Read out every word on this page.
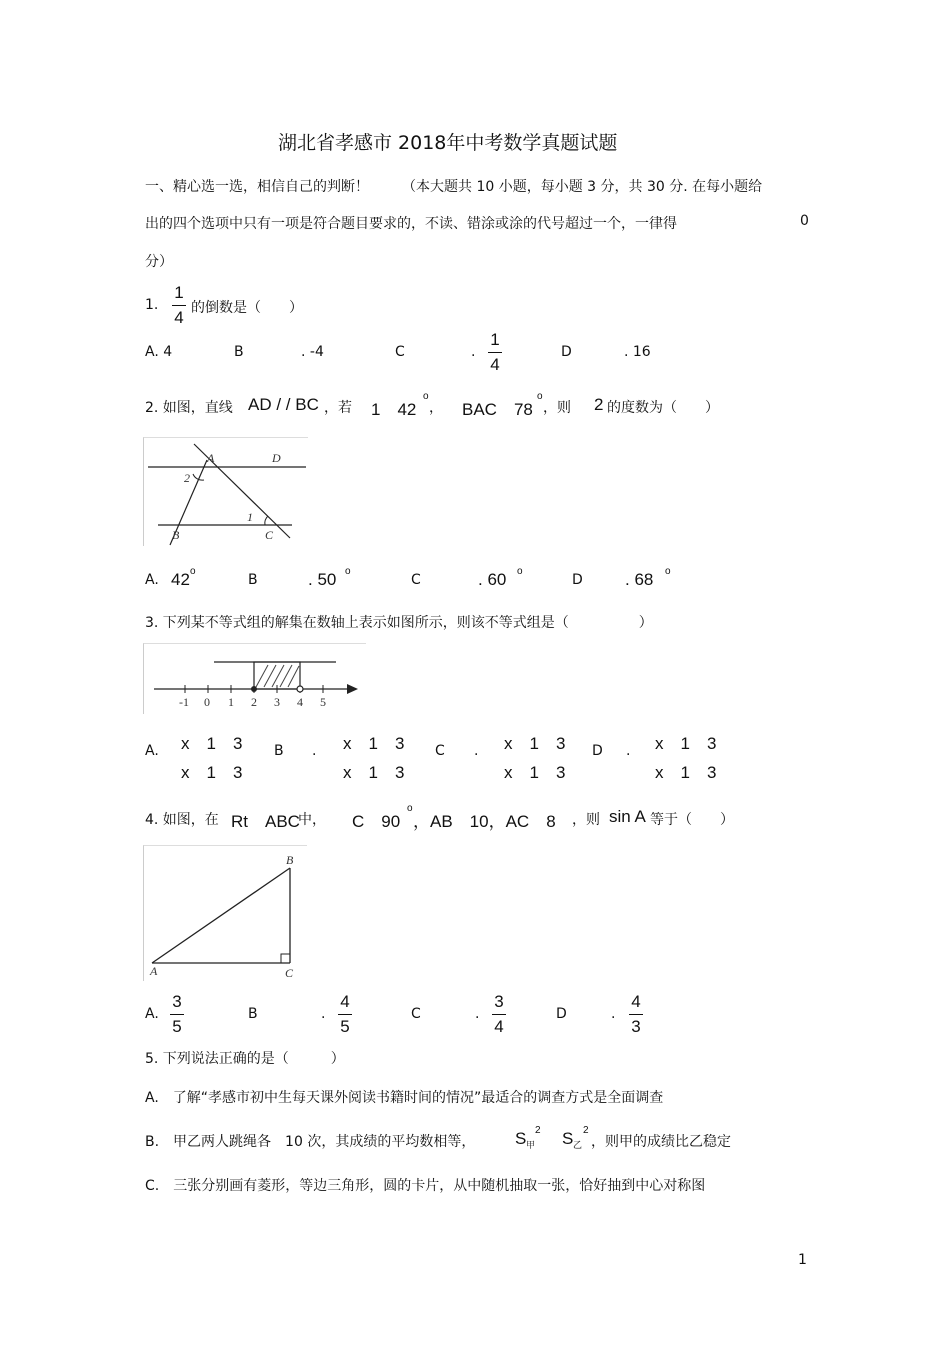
湖北省孝感市 2018年中考数学真题试题
一、精心选一选，相信自己的判断！ （本大题共 10 小题，每小题 3 分，共 30 分. 在每小题给
出的四个选项中只有一项是符合题目要求的，不读、错涂或涂的代号超过一个，一律得	0
分）
1.
1
4 的倒数是（　　）
A. 4	B	. -4	C	.
1
4
D	. 16
2. 如图，直线 AD / / BC ，若 1　42
o
， BAC　78
o
，则 2 的度数为（　　）
A	D
B	C
1
2
A. 42 o
B	. 50 o
C	. 60 o
D . 68 o
3. 下列某不等式组的解集在数轴上表示如图所示，则该不等式组是（　　　　　）
-1 0 1 2 3 4 5
A. x　1　3
x　1　3
B . x　1　3
x　1　3
C . x　1　3
x　1　3
D . x　1　3
x　1　3
4. 如图，在 Rt　ABC
中， C　90
o
，AB　10，AC　8 ，则 sin A 等于（　　）
B
A	C
A.
3
5
B	.
4
5
C	.
3
4
D	.
4
3
5. 下列说法正确的是（　　　）
A.　了解“孝感市初中生每天课外阅读书籍时间的情况”最适合的调查方式是全面调查
B.　甲乙两人跳绳各　10 次，其成绩的平均数相等， S 甲
2 S 乙
2
，则甲的成绩比乙稳定
C.　三张分别画有菱形，等边三角形，圆的卡片，从中随机抽取一张，恰好抽到中心对称图
1
